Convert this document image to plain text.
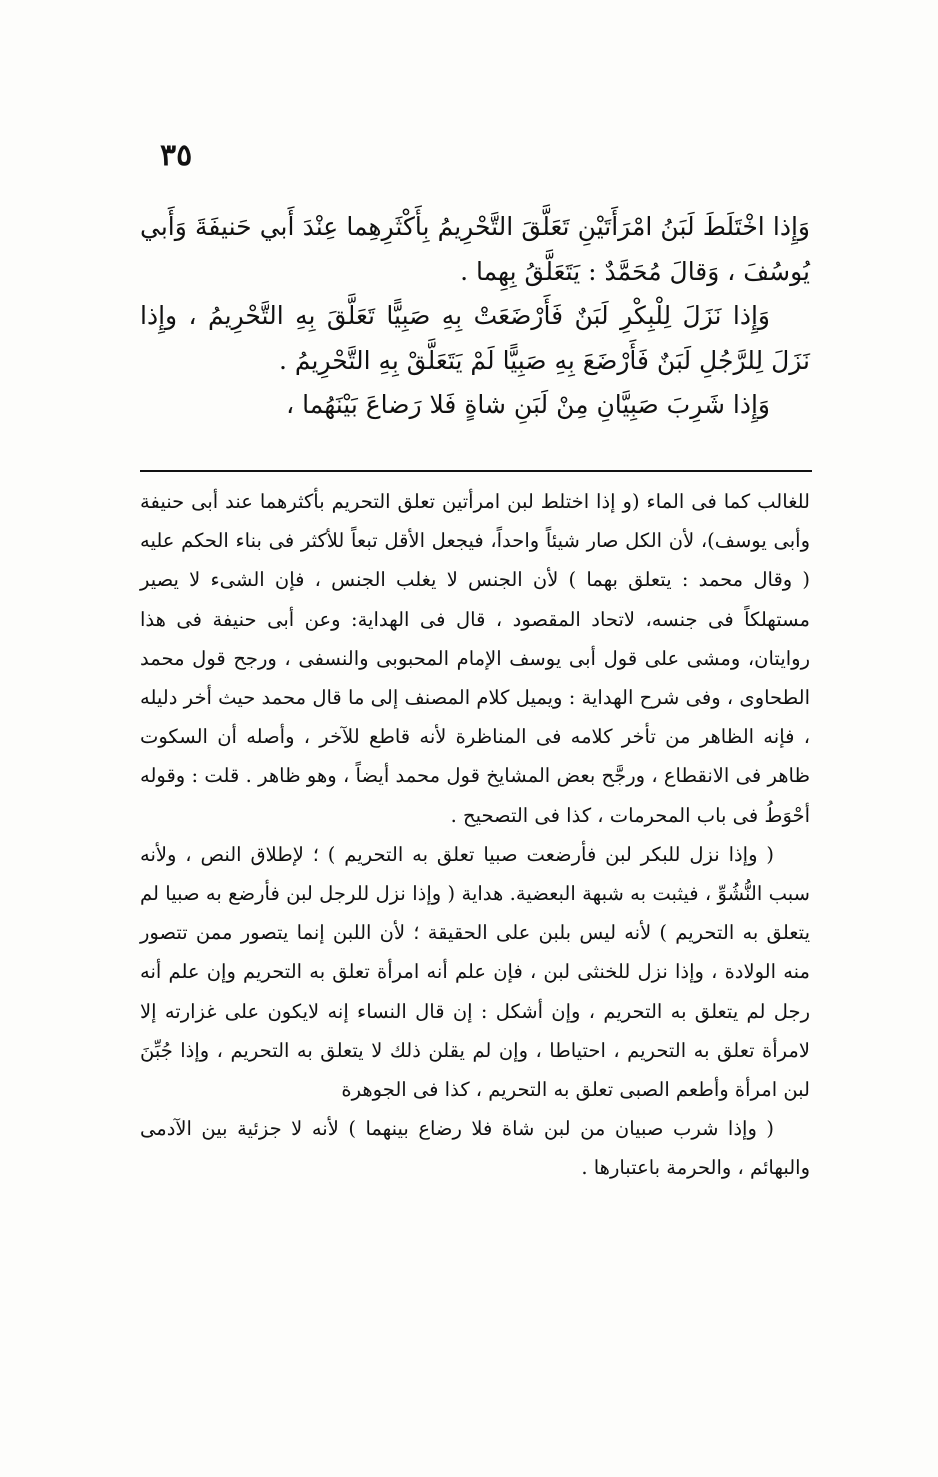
٣٥

وَإِذا اخْتَلَطَ لَبَنُ امْرَأَتَيْنِ تَعَلَّقَ التَّحْرِيمُ بِأَكْثَرِهِما عِنْدَ أَبي حَنيفَةَ وَأَبي يُوسُفَ ، وَقالَ مُحَمَّدٌ : يَتَعَلَّقُ بِهِما .

وَإِذا نَزَلَ لِلْبِكْرِ لَبَنٌ فَأَرْضَعَتْ بِهِ صَبِيًّا تَعَلَّقَ بِهِ التَّحْرِيمُ ، وإِذا نَزَلَ لِلرَّجُلِ لَبَنٌ فَأَرْضَعَ بِهِ صَبِيًّا لَمْ يَتَعَلَّقْ بِهِ التَّحْرِيمُ .

وَإِذا شَرِبَ صَبِيَّانِ مِنْ لَبَنِ شاةٍ فَلا رَضاعَ بَيْنَهُما ،

للغالب كما فى الماء (و إذا اختلط لبن امرأتين تعلق التحريم بأكثرهما عند أبى حنيفة وأبى يوسف)، لأن الكل صار شيئاً واحداً، فيجعل الأقل تبعاً للأكثر فى بناء الحكم عليه ( وقال محمد : يتعلق بهما ) لأن الجنس لا يغلب الجنس ، فإن الشىء لا يصير مستهلكاً فى جنسه، لاتحاد المقصود ، قال فى الهداية: وعن أبى حنيفة فى هذا روايتان، ومشى على قول أبى يوسف الإمام المحبوبى والنسفى ، ورجح قول محمد الطحاوى ، وفى شرح الهداية : ويميل كلام المصنف إلى ما قال محمد حيث أخر دليله ، فإنه الظاهر من تأخر كلامه فى المناظرة لأنه قاطع للآخر ، وأصله أن السكوت ظاهر فى الانقطاع ، ورجَّح بعض المشايخ قول محمد أيضاً ، وهو ظاهر . قلت : وقوله أحْوَطُ فى باب المحرمات ، كذا فى التصحيح .

( وإذا نزل للبكر لبن فأرضعت صبيا تعلق به التحريم ) ؛ لإطلاق النص ، ولأنه سبب النُّشُوِّ ، فيثبت به شبهة البعضية. هداية ( وإذا نزل للرجل لبن فأرضع به صبيا لم يتعلق به التحريم ) لأنه ليس بلبن على الحقيقة ؛ لأن اللبن إنما يتصور ممن تتصور منه الولادة ، وإذا نزل للخنثى لبن ، فإن علم أنه امرأة تعلق به التحريم وإن علم أنه رجل لم يتعلق به التحريم ، وإن أشكل : إن قال النساء إنه لايكون على غزارته إلا لامرأة تعلق به التحريم ، احتياطا ، وإن لم يقلن ذلك لا يتعلق به التحريم ، وإذا جُبِّنَ لبن امرأة وأطعم الصبى تعلق به التحريم ، كذا فى الجوهرة

( وإذا شرب صبيان من لبن شاة فلا رضاع بينهما ) لأنه لا جزئية بين الآدمى والبهائم ، والحرمة باعتبارها .
